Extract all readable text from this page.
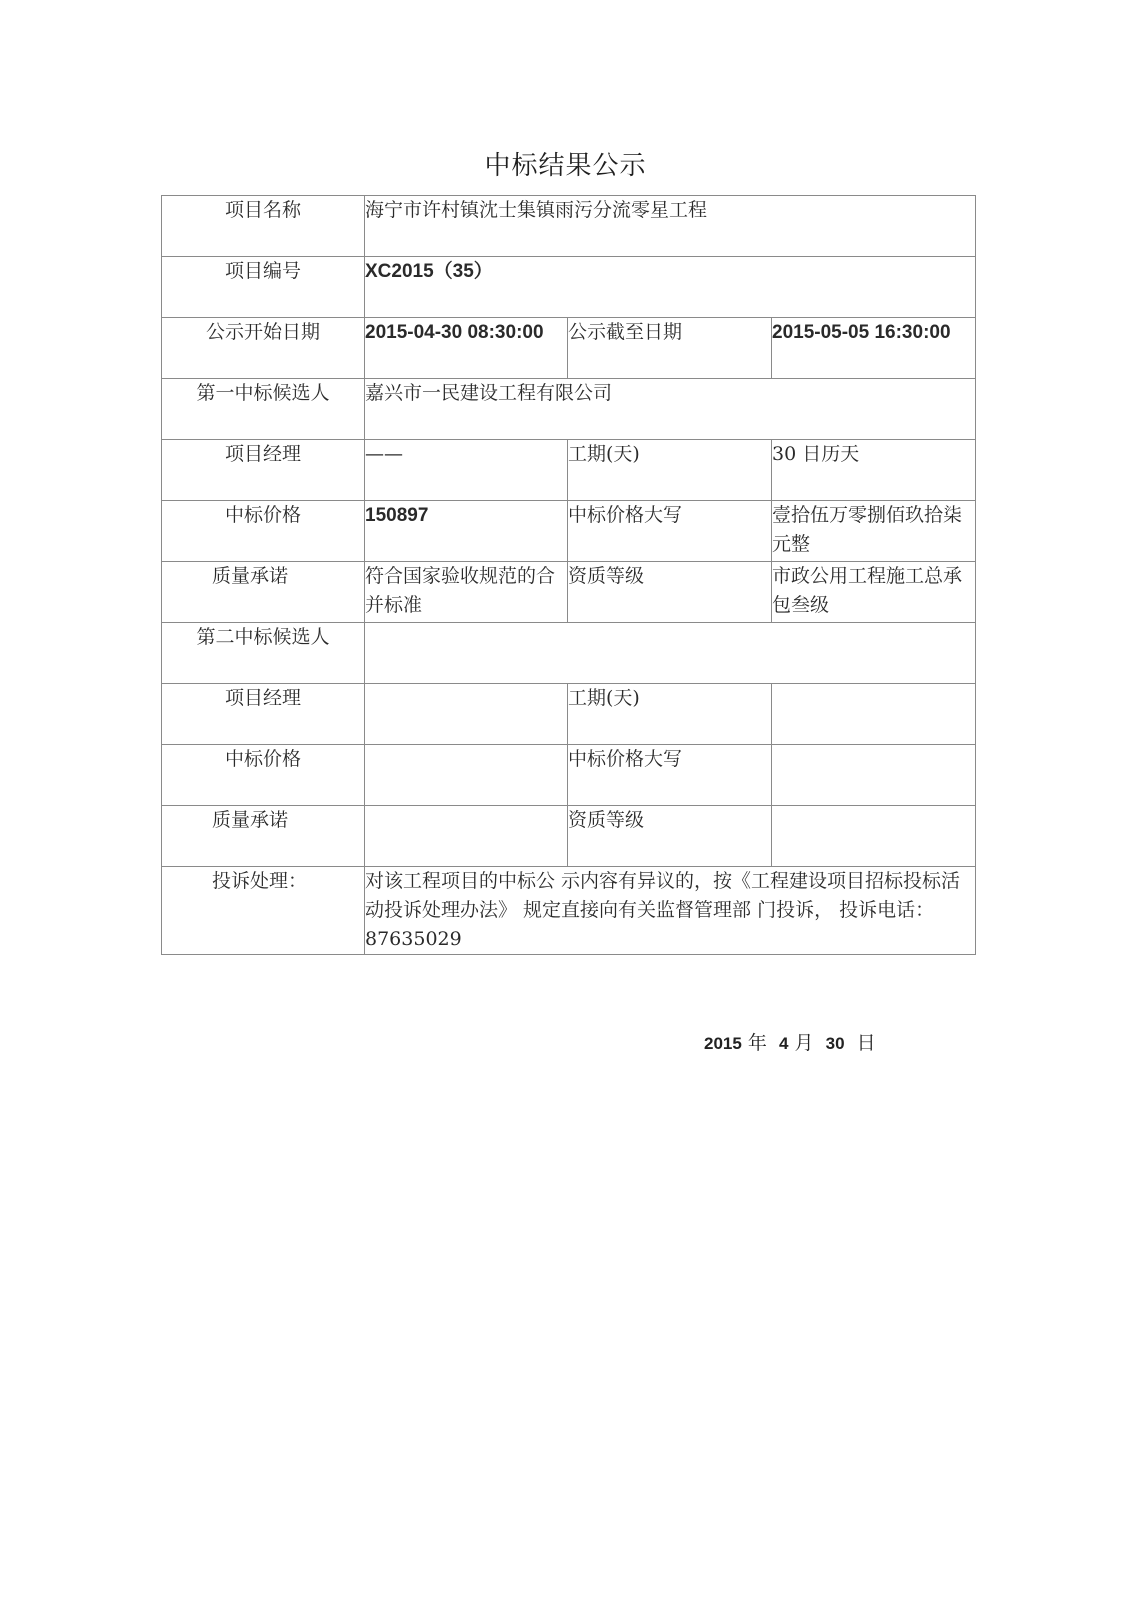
中标结果公示
项目名称	海宁市许村镇沈士集镇雨污分流零星工程		
项目编号	XC2015（35）		
公示开始日期	2015-04-30 08:30:00	公示截至日期	2015-05-05 16:30:00
第一中标候选人	嘉兴市一民建设工程有限公司		
项目经理	——	工期(天)	30 日历天
中标价格	150897	中标价格大写	壹拾伍万零捌佰玖拾柒元整
质量承诺	符合国家验收规范的合并标准	资质等级	市政公用工程施工总承包叁级
第二中标候选人			
项目经理		工期(天)	
中标价格		中标价格大写	
质量承诺		资质等级	
投诉处理：	对该工程项目的中标公 示内容有异议的，按《工程建设项目招标投标活动投诉处理办法》 规定直接向有关监督管理部 门投诉， 投诉电话：87635029		
2015 年 4 月 30 日
